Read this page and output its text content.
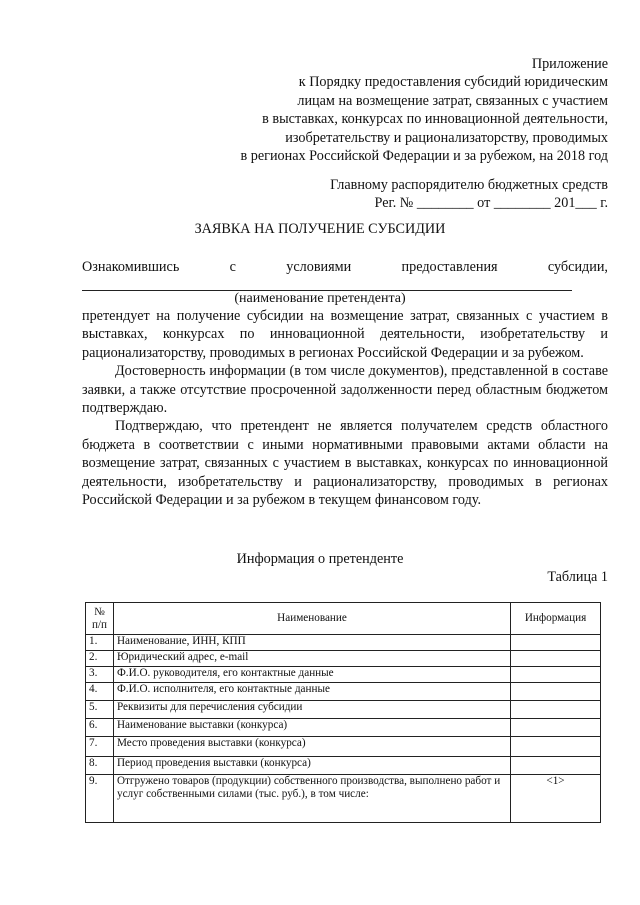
Приложение
к Порядку предоставления субсидий юридическим
лицам на возмещение затрат, связанных с участием
в выставках, конкурсах по инновационной деятельности,
изобретательству и рационализаторству, проводимых
в регионах Российской Федерации и за рубежом, на 2018 год
Главному распорядителю бюджетных средств
Рег. № ________ от ________ 201___ г.
ЗАЯВКА НА ПОЛУЧЕНИЕ СУБСИДИИ
Ознакомившись	с	условиями	предоставления	субсидии,
(наименование претендента)

претендует на получение субсидии на возмещение затрат, связанных с участием в выставках, конкурсах по инновационной деятельности, изобретательству и рационализаторству, проводимых в регионах Российской Федерации и за рубежом.

Достоверность информации (в том числе документов), представленной в составе заявки, а также отсутствие просроченной задолженности перед областным бюджетом подтверждаю.

Подтверждаю, что претендент не является получателем средств областного бюджета в соответствии с иными нормативными правовыми актами области на возмещение затрат, связанных с участием в выставках, конкурсах по инновационной деятельности, изобретательству и рационализаторству, проводимых в регионах Российской Федерации и за рубежом в текущем финансовом году.

Информация о претенденте
Таблица 1
№ п/п	Наименование	Информация
1.	Наименование, ИНН, КПП	
2.	Юридический адрес, e-mail	
3.	Ф.И.О. руководителя, его контактные данные	
4.	Ф.И.О. исполнителя, его контактные данные	
5.	Реквизиты для перечисления субсидии	
6.	Наименование выставки (конкурса)	
7.	Место проведения выставки (конкурса)	
8.	Период проведения выставки (конкурса)	
9.	Отгружено товаров (продукции) собственного производства, выполнено работ и услуг собственными силами (тыс. руб.), в том числе:	<1>
